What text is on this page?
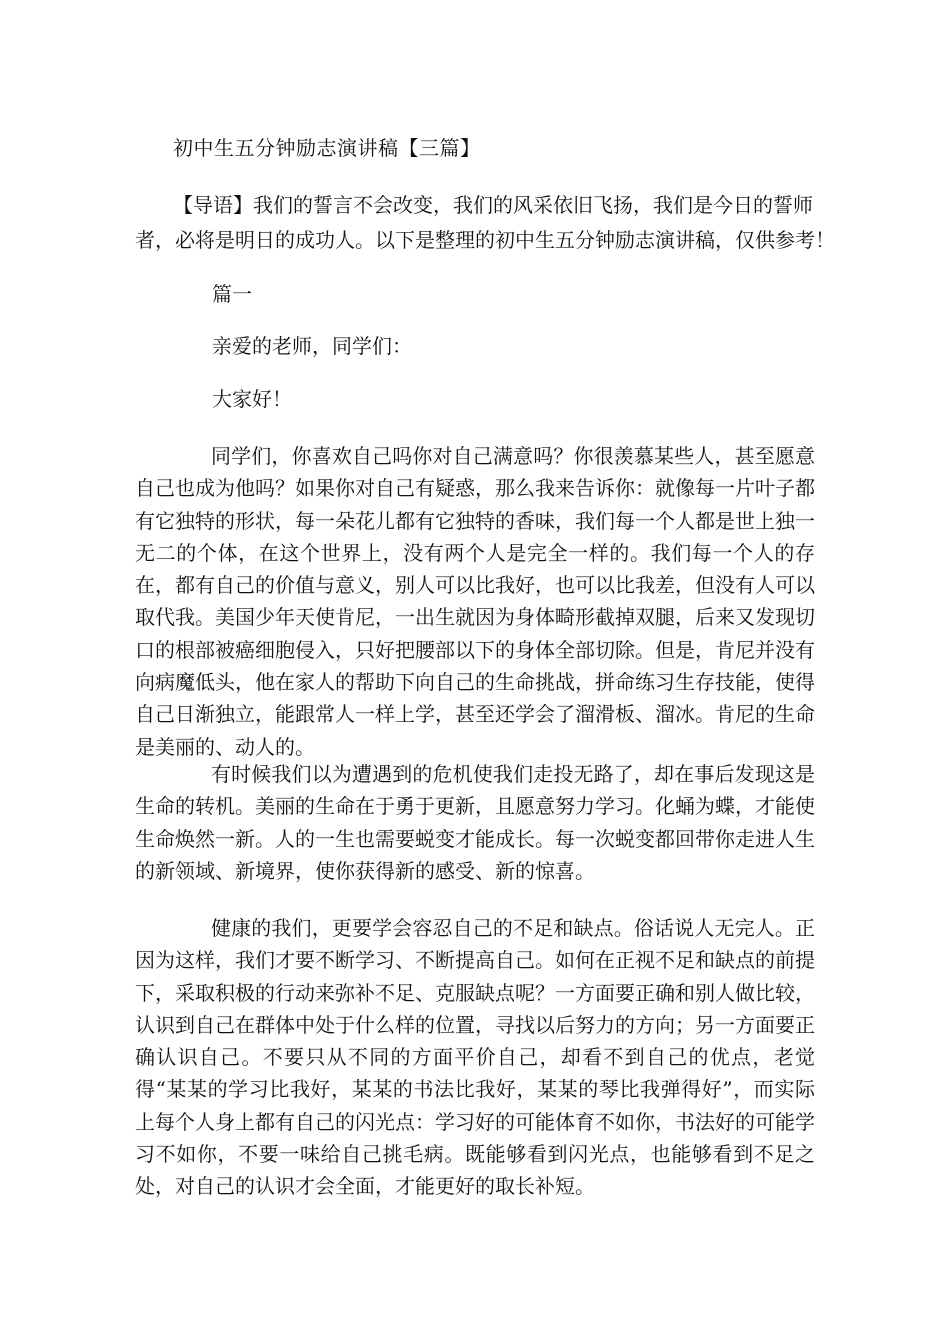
初中生五分钟励志演讲稿【三篇】

【导语】我们的誓言不会改变，我们的风采依旧飞扬，我们是今日的誓师者，必将是明日的成功人。以下是整理的初中生五分钟励志演讲稿，仅供参考！

篇一
亲爱的老师，同学们：
大家好！

同学们，你喜欢自己吗你对自己满意吗？你很羡慕某些人，甚至愿意自己也成为他吗？如果你对自己有疑惑，那么我来告诉你：就像每一片叶子都有它独特的形状，每一朵花儿都有它独特的香味，我们每一个人都是世上独一无二的个体，在这个世界上，没有两个人是完全一样的。我们每一个人的存在，都有自己的价值与意义，别人可以比我好，也可以比我差，但没有人可以取代我。美国少年天使肯尼，一出生就因为身体畸形截掉双腿，后来又发现切口的根部被癌细胞侵入，只好把腰部以下的身体全部切除。但是，肯尼并没有向病魔低头，他在家人的帮助下向自己的生命挑战，拼命练习生存技能，使得自己日渐独立，能跟常人一样上学，甚至还学会了溜滑板、溜冰。肯尼的生命是美丽的、动人的。

有时候我们以为遭遇到的危机使我们走投无路了，却在事后发现这是生命的转机。美丽的生命在于勇于更新，且愿意努力学习。化蛹为蝶，才能使生命焕然一新。人的一生也需要蜕变才能成长。每一次蜕变都回带你走进人生的新领域、新境界，使你获得新的感受、新的惊喜。

健康的我们，更要学会容忍自己的不足和缺点。俗话说人无完人。正因为这样，我们才要不断学习、不断提高自己。如何在正视不足和缺点的前提下，采取积极的行动来弥补不足、克服缺点呢？一方面要正确和别人做比较，认识到自己在群体中处于什么样的位置，寻找以后努力的方向；另一方面要正确认识自己。不要只从不同的方面平价自己，却看不到自己的优点，老觉得“某某的学习比我好，某某的书法比我好，某某的琴比我弹得好”，而实际上每个人身上都有自己的闪光点：学习好的可能体育不如你，书法好的可能学习不如你，不要一味给自己挑毛病。既能够看到闪光点，也能够看到不足之处，对自己的认识才会全面，才能更好的取长补短。
